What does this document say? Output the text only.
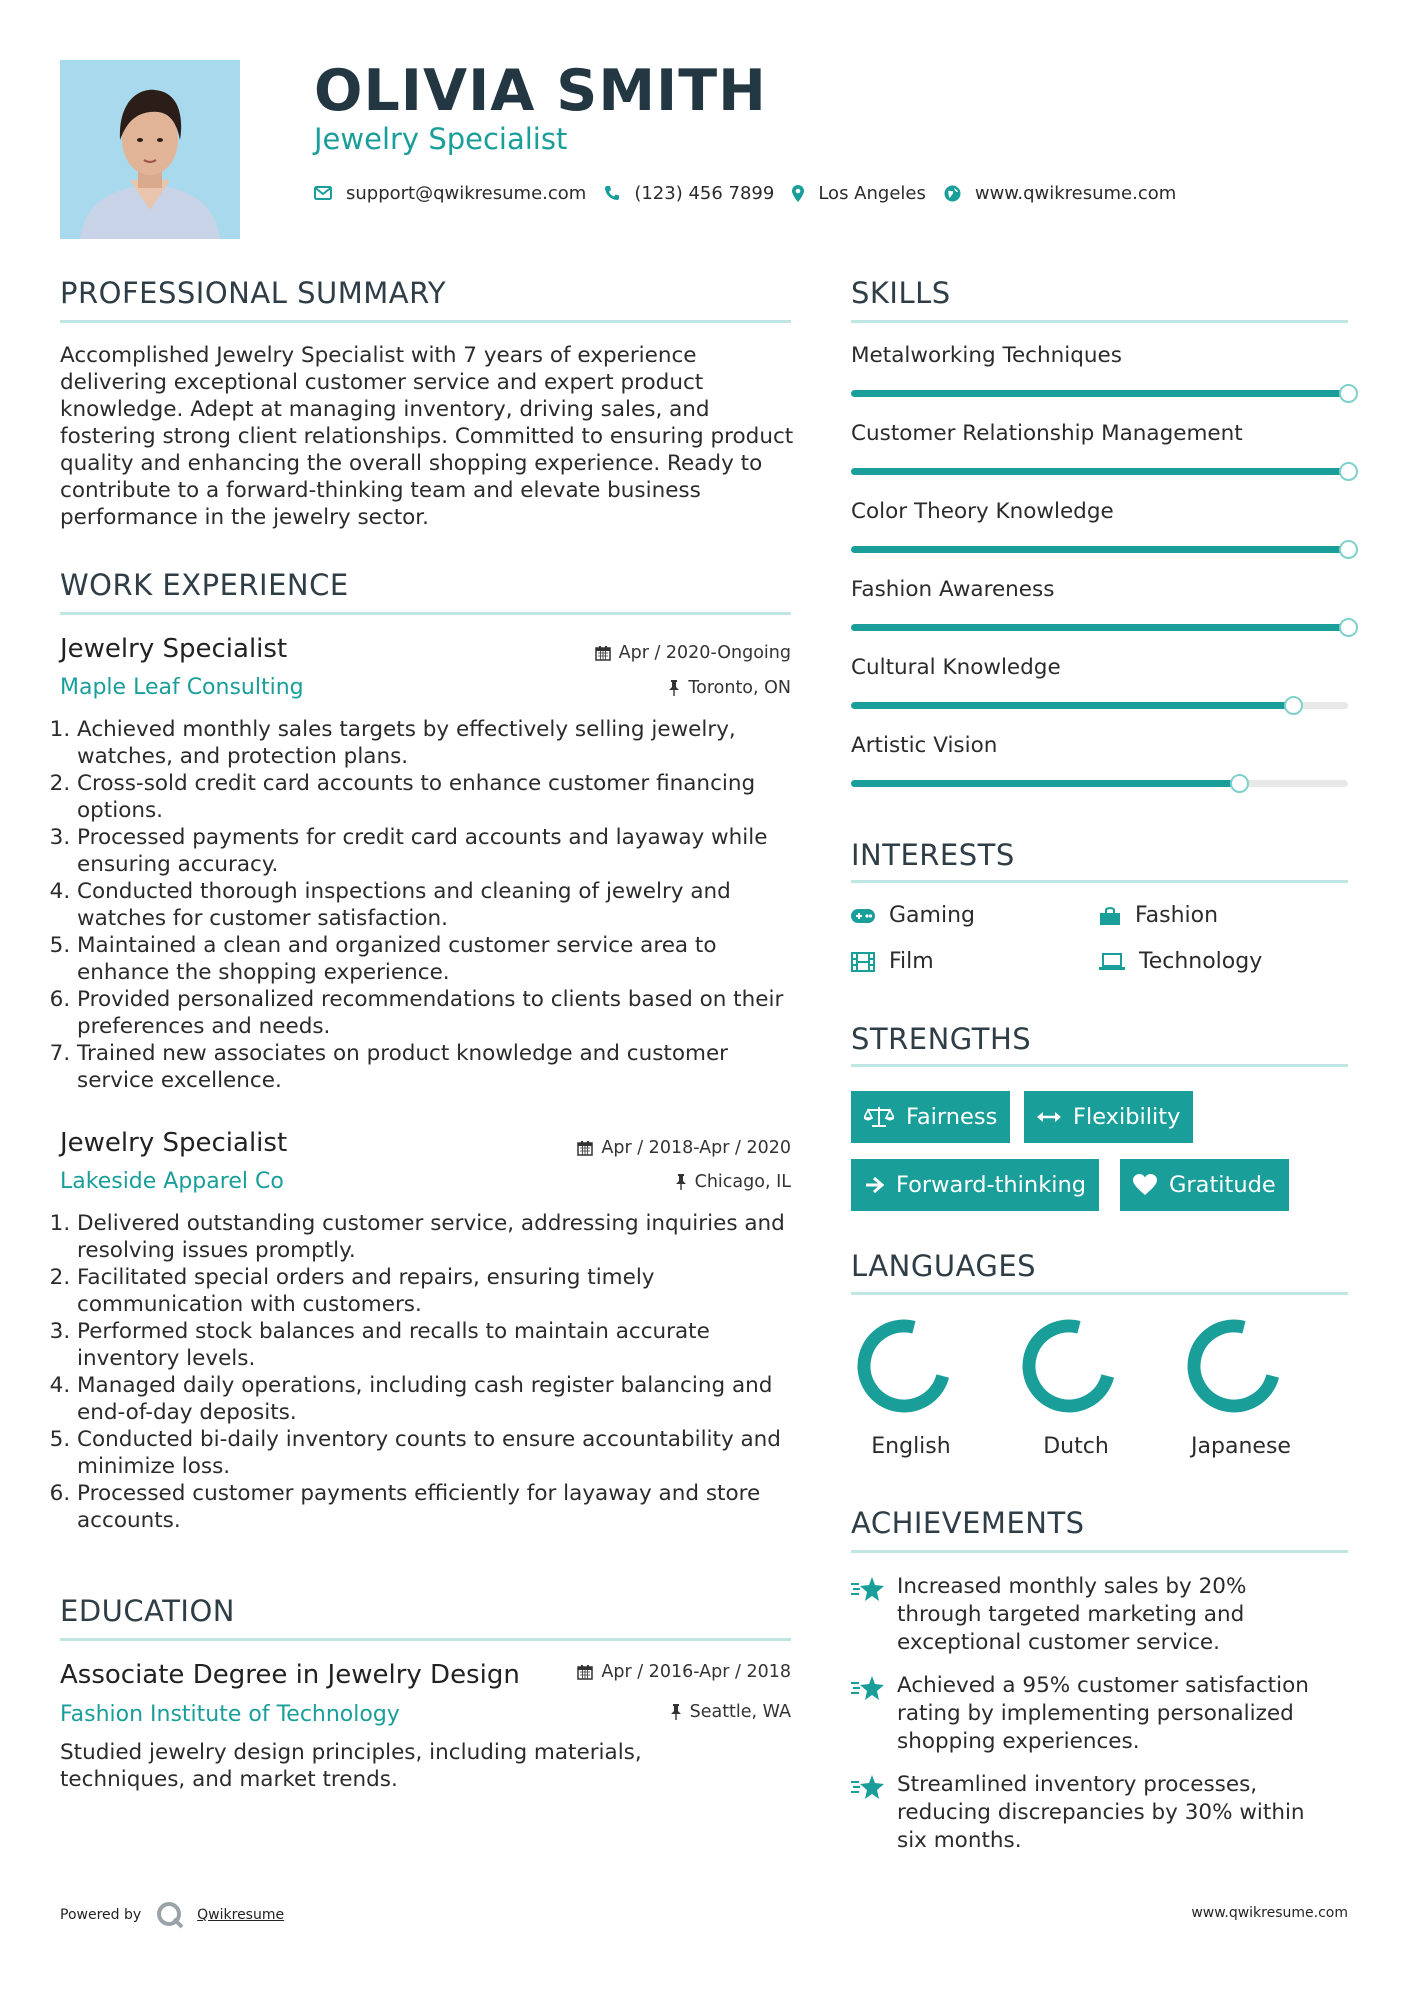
OLIVIA SMITH
Jewelry Specialist
support@qwikresume.com	(123) 456 7899 Los Angeles	www.qwikresume.com
PROFESSIONAL SUMMARY
Accomplished Jewelry Specialist with 7 years of experience delivering exceptional customer service and expert product knowledge. Adept at managing inventory, driving sales, and fostering strong client relationships. Committed to ensuring product quality and enhancing the overall shopping experience. Ready to contribute to a forward-thinking team and elevate business performance in the jewelry sector.
WORK EXPERIENCE
Jewelry Specialist	Apr / 2020-Ongoing
Maple Leaf Consulting	Toronto, ON
1. Achieved monthly sales targets by effectively selling jewelry, watches, and protection plans.
2. Cross-sold credit card accounts to enhance customer financing options.
3. Processed payments for credit card accounts and layaway while ensuring accuracy.
4. Conducted thorough inspections and cleaning of jewelry and watches for customer satisfaction.
5. Maintained a clean and organized customer service area to enhance the shopping experience.
6. Provided personalized recommendations to clients based on their preferences and needs.
7. Trained new associates on product knowledge and customer service excellence.
Jewelry Specialist	Apr / 2018-Apr / 2020
Lakeside Apparel Co	Chicago, IL
1. Delivered outstanding customer service, addressing inquiries and resolving issues promptly.
2. Facilitated special orders and repairs, ensuring timely communication with customers.
3. Performed stock balances and recalls to maintain accurate inventory levels.
4. Managed daily operations, including cash register balancing and end-of-day deposits.
5. Conducted bi-daily inventory counts to ensure accountability and minimize loss.
6. Processed customer payments efficiently for layaway and store accounts.
EDUCATION
Associate Degree in Jewelry Design	Apr / 2016-Apr / 2018
Fashion Institute of Technology	Seattle, WA
Studied jewelry design principles, including materials, techniques, and market trends.
SKILLS
Metalworking Techniques
Customer Relationship Management
Color Theory Knowledge
Fashion Awareness
Cultural Knowledge
Artistic Vision
INTERESTS
Gaming	Fashion
Film	Technology
STRENGTHS
Fairness	Flexibility
Forward-thinking	Gratitude
LANGUAGES
English	Dutch	Japanese
ACHIEVEMENTS
Increased monthly sales by 20% through targeted marketing and exceptional customer service.
Achieved a 95% customer satisfaction rating by implementing personalized shopping experiences.
Streamlined inventory processes, reducing discrepancies by 30% within six months.
Powered by	Qwikresume	www.qwikresume.com
